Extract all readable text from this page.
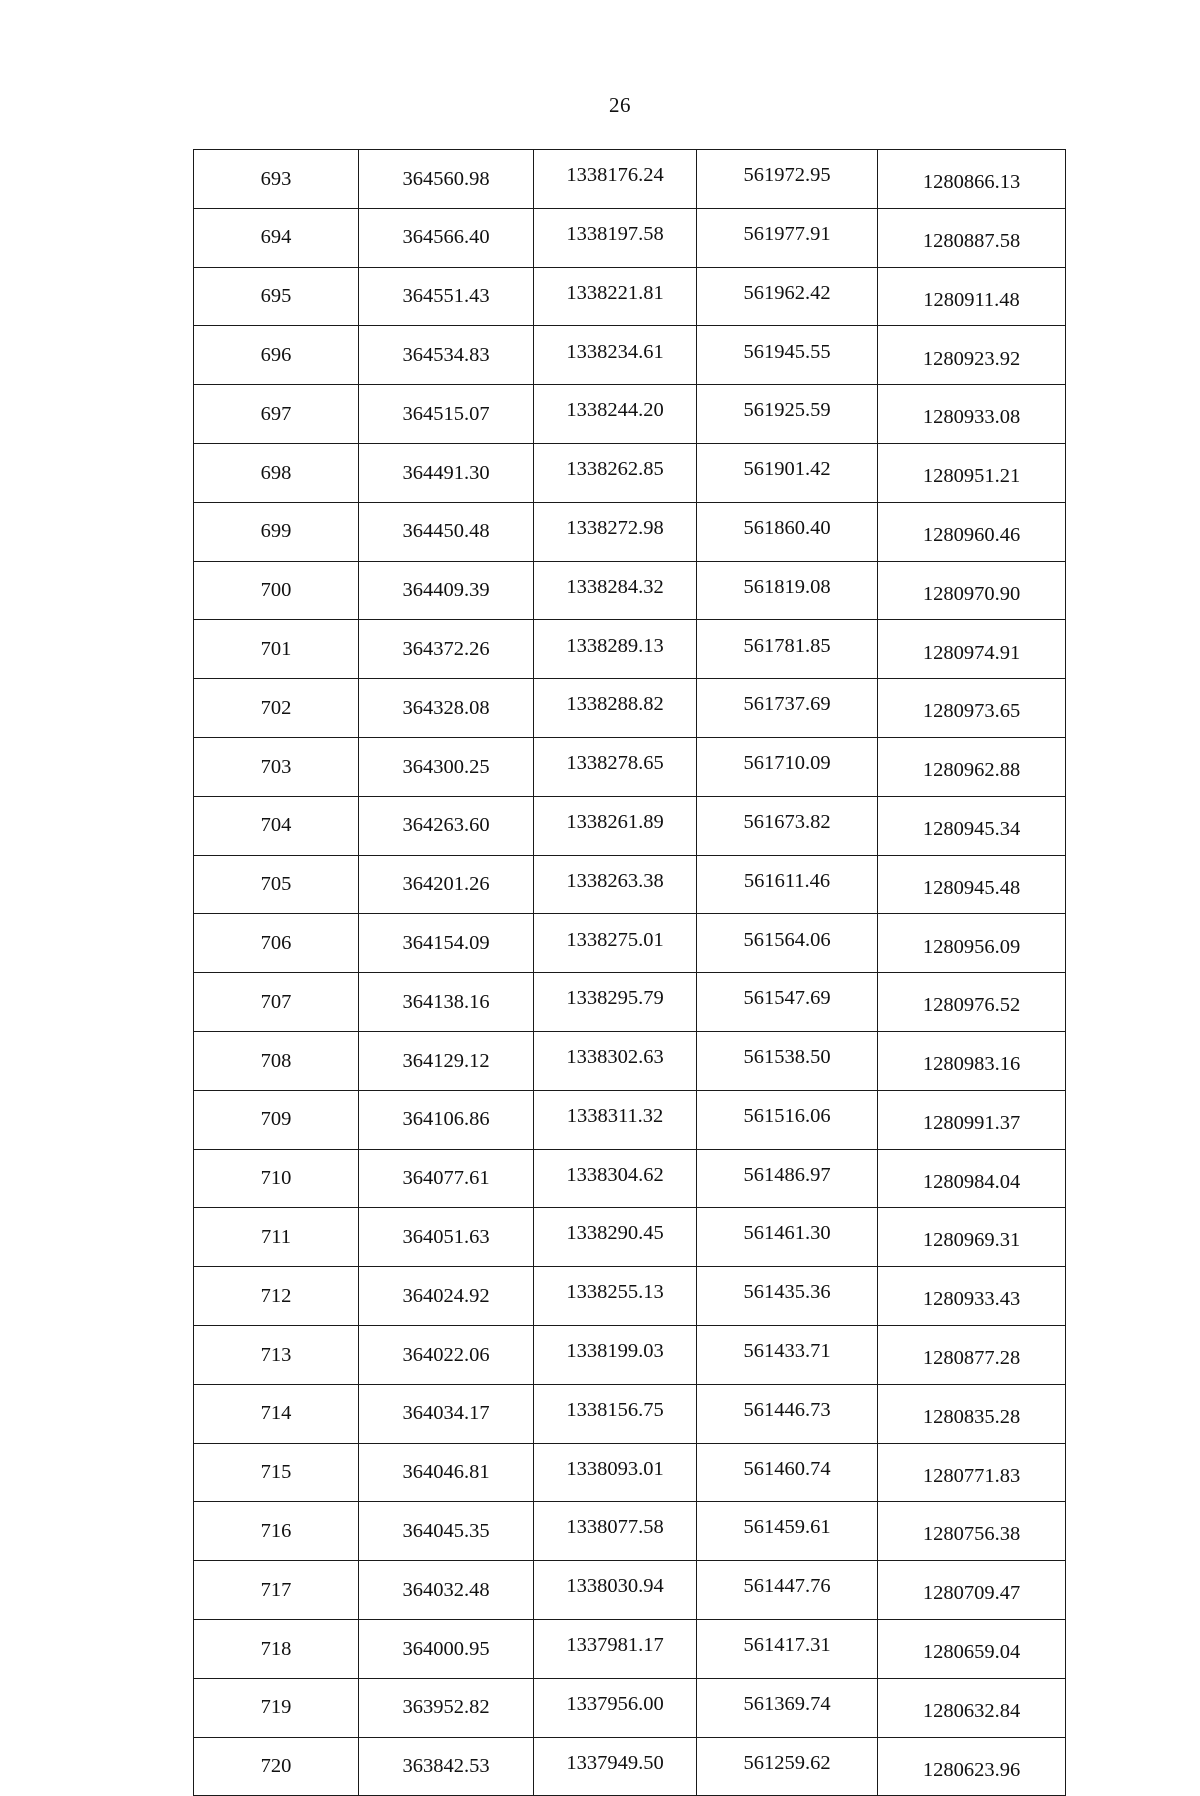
26
693	364560.98	1338176.24	561972.95	1280866.13
694	364566.40	1338197.58	561977.91	1280887.58
695	364551.43	1338221.81	561962.42	1280911.48
696	364534.83	1338234.61	561945.55	1280923.92
697	364515.07	1338244.20	561925.59	1280933.08
698	364491.30	1338262.85	561901.42	1280951.21
699	364450.48	1338272.98	561860.40	1280960.46
700	364409.39	1338284.32	561819.08	1280970.90
701	364372.26	1338289.13	561781.85	1280974.91
702	364328.08	1338288.82	561737.69	1280973.65
703	364300.25	1338278.65	561710.09	1280962.88
704	364263.60	1338261.89	561673.82	1280945.34
705	364201.26	1338263.38	561611.46	1280945.48
706	364154.09	1338275.01	561564.06	1280956.09
707	364138.16	1338295.79	561547.69	1280976.52
708	364129.12	1338302.63	561538.50	1280983.16
709	364106.86	1338311.32	561516.06	1280991.37
710	364077.61	1338304.62	561486.97	1280984.04
711	364051.63	1338290.45	561461.30	1280969.31
712	364024.92	1338255.13	561435.36	1280933.43
713	364022.06	1338199.03	561433.71	1280877.28
714	364034.17	1338156.75	561446.73	1280835.28
715	364046.81	1338093.01	561460.74	1280771.83
716	364045.35	1338077.58	561459.61	1280756.38
717	364032.48	1338030.94	561447.76	1280709.47
718	364000.95	1337981.17	561417.31	1280659.04
719	363952.82	1337956.00	561369.74	1280632.84
720	363842.53	1337949.50	561259.62	1280623.96
